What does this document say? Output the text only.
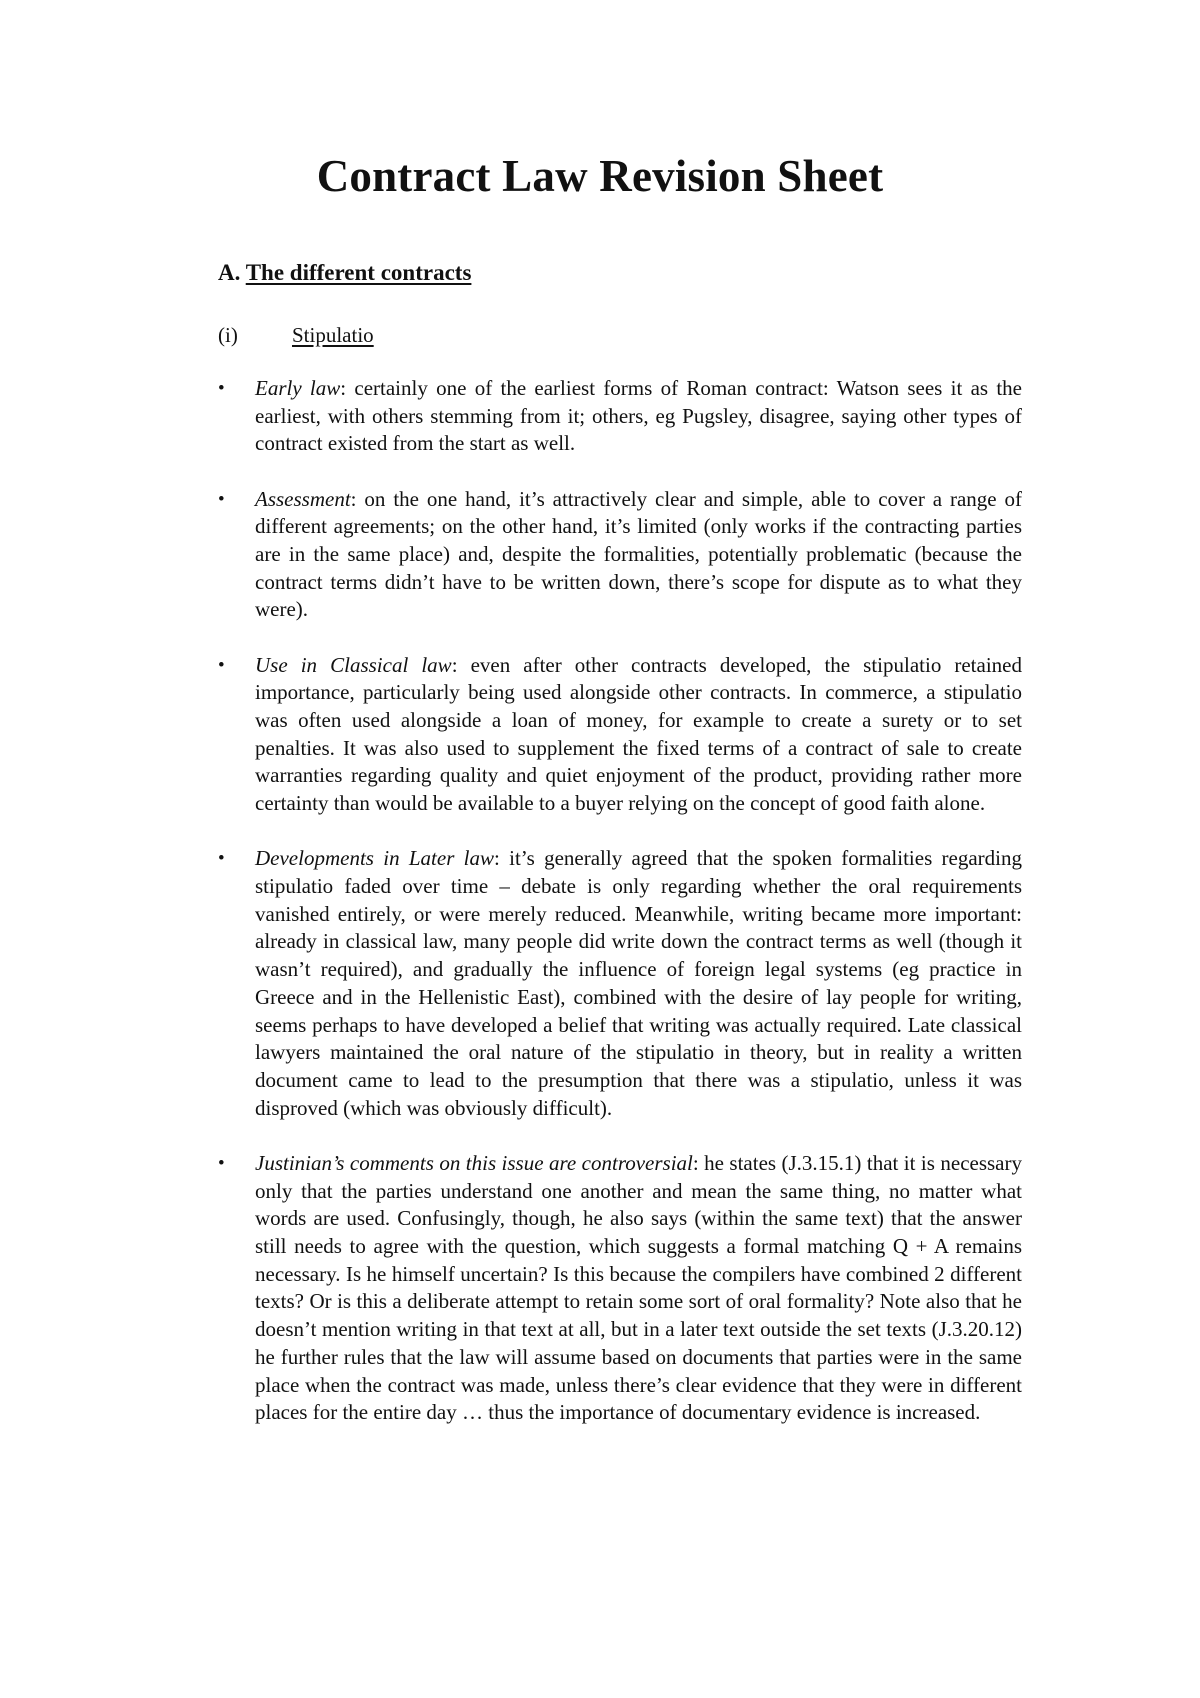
Contract Law Revision Sheet
A. The different contracts
(i)	Stipulatio
•	Early law: certainly one of the earliest forms of Roman contract: Watson sees it as the earliest, with others stemming from it; others, eg Pugsley, disagree, saying other types of contract existed from the start as well.
•	Assessment: on the one hand, it’s attractively clear and simple, able to cover a range of different agreements; on the other hand, it’s limited (only works if the contracting parties are in the same place) and, despite the formalities, potentially problematic (because the contract terms didn’t have to be written down, there’s scope for dispute as to what they were).
•	Use in Classical law: even after other contracts developed, the stipulatio retained importance, particularly being used alongside other contracts. In commerce, a stipulatio was often used alongside a loan of money, for example to create a surety or to set penalties. It was also used to supplement the fixed terms of a contract of sale to create warranties regarding quality and quiet enjoyment of the product, providing rather more certainty than would be available to a buyer relying on the concept of good faith alone.
•	Developments in Later law: it’s generally agreed that the spoken formalities regarding stipulatio faded over time – debate is only regarding whether the oral requirements vanished entirely, or were merely reduced. Meanwhile, writing became more important: already in classical law, many people did write down the contract terms as well (though it wasn’t required), and gradually the influence of foreign legal systems (eg practice in Greece and in the Hellenistic East), combined with the desire of lay people for writing, seems perhaps to have developed a belief that writing was actually required. Late classical lawyers maintained the oral nature of the stipulatio in theory, but in reality a written document came to lead to the presumption that there was a stipulatio, unless it was disproved (which was obviously difficult).
•	Justinian’s comments on this issue are controversial: he states (J.3.15.1) that it is necessary only that the parties understand one another and mean the same thing, no matter what words are used. Confusingly, though, he also says (within the same text) that the answer still needs to agree with the question, which suggests a formal matching Q + A remains necessary. Is he himself uncertain? Is this because the compilers have combined 2 different texts? Or is this a deliberate attempt to retain some sort of oral formality? Note also that he doesn’t mention writing in that text at all, but in a later text outside the set texts (J.3.20.12) he further rules that the law will assume based on documents that parties were in the same place when the contract was made, unless there’s clear evidence that they were in different places for the entire day … thus the importance of documentary evidence is increased.
